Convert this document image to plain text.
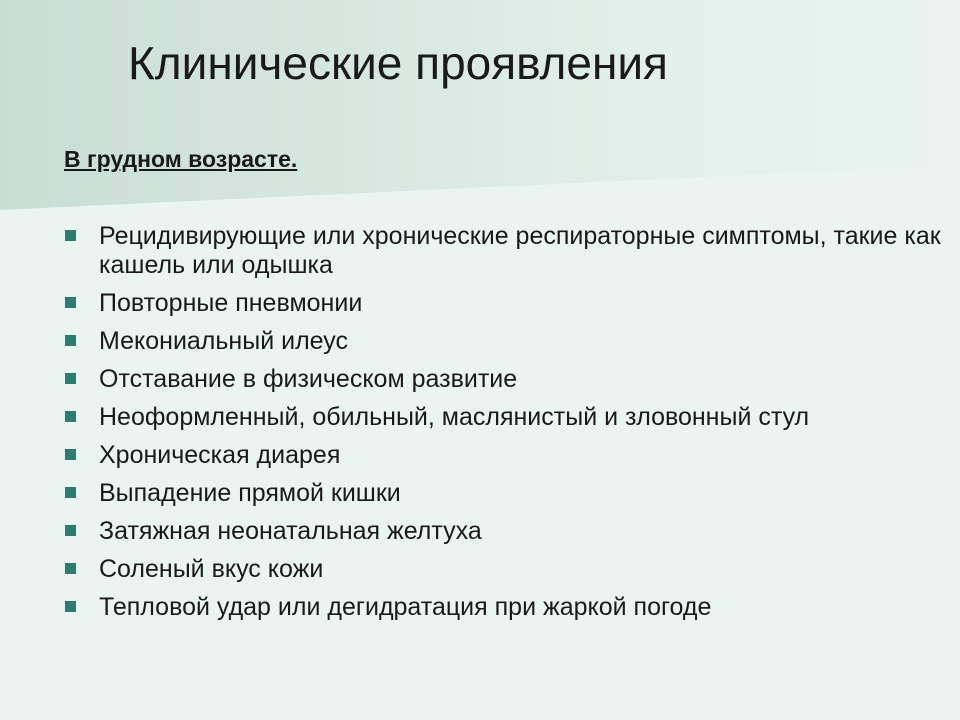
Клинические проявления
В грудном возрасте.
Рецидивирующие или хронические респираторные симптомы, такие как кашель или одышка
Повторные пневмонии
Мекониальный илеус
Отставание в физическом развитие
Неоформленный, обильный, маслянистый и зловонный стул
Хроническая диарея
Выпадение прямой кишки
Затяжная неонатальная желтуха
Соленый вкус кожи
Тепловой удар или дегидратация при жаркой погоде
